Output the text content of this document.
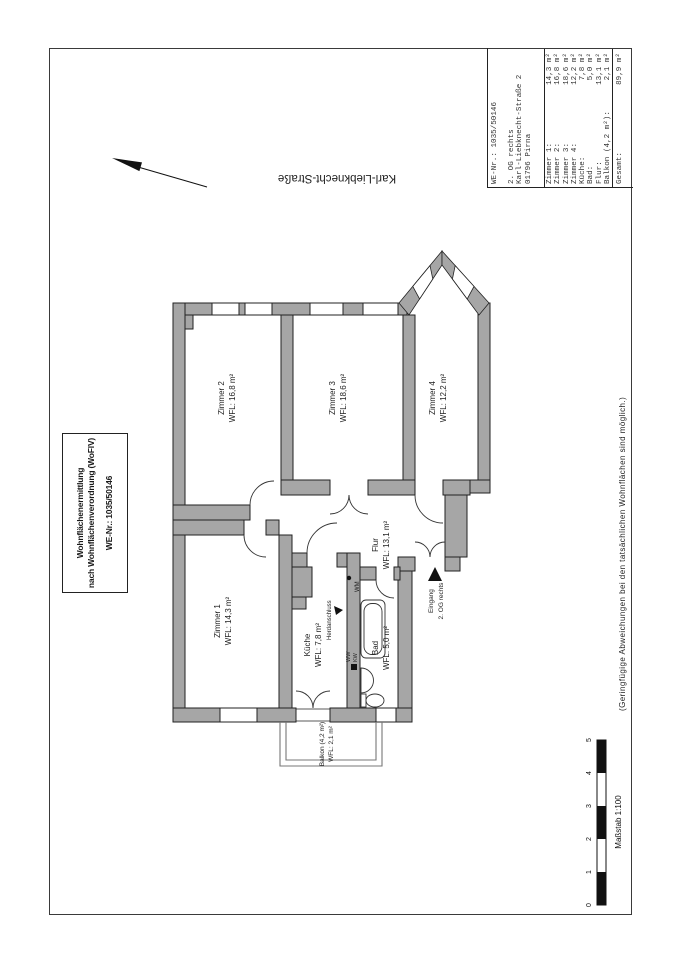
0
1
2
3
4
5
Maßstab 1:100
Karl-Liebknecht-Straße
Zimmer 2 WFL: 16,8 m²	Zimmer 3 WFL: 18,6 m²	Zimmer 4 WFL: 12,2 m²
Zimmer 1 WFL: 14,3 m²	Küche WFL: 7,8 m²	Bad WFL: 5,0 m²
Flur WFL: 13,1 m²
Balkon (4,2 m²) WFL: 2,1 m²
Eingang 2. OG rechts
WM
WW KW
Herdanschluss
Wohnflächenermittlung nach Wohnflächenverordnung (WoFlV) WE-Nr.: 1035/50146
WE-Nr.: 1035/50146 2. OG rechts Karl-Liebknecht-Straße 2 01796 Pirna Zimmer 1:
14,3 m²
Zimmer 2:
16,8 m²
Zimmer 3:
18,6 m²
Zimmer 4:
12,2 m²
Küche:
7,8 m²
Bad:
5,0 m²
Flur:
13,1 m²
Balkon (4,2 m²):
2,1 m²
Gesamt:
89,9 m²
(Geringfügige Abweichungen bei den tatsächlichen Wohnflächen sind möglich.)
